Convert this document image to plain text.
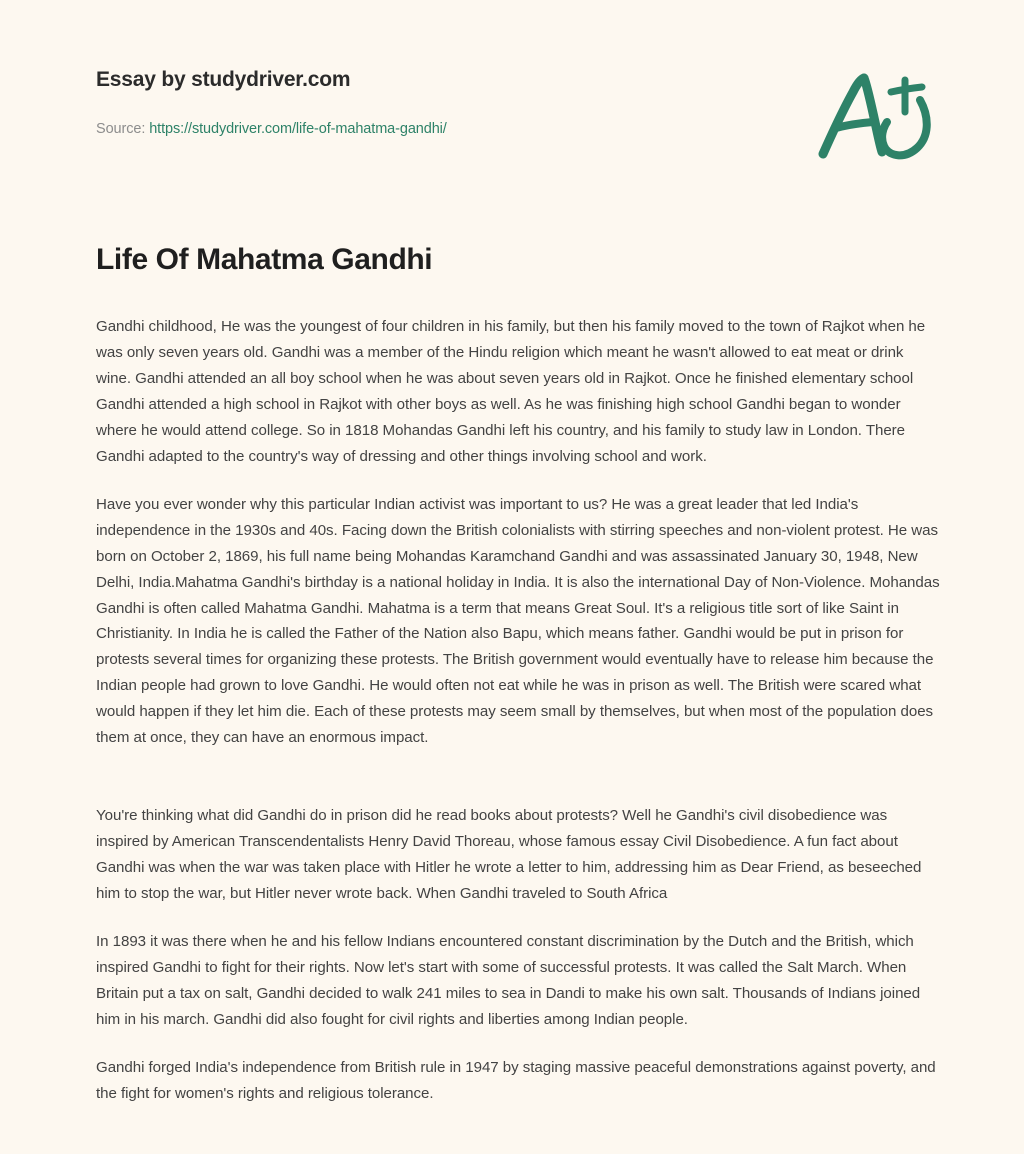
Essay by studydriver.com
Source: https://studydriver.com/life-of-mahatma-gandhi/
Life Of Mahatma Gandhi

Gandhi childhood, He was the youngest of four children in his family, but then his family moved to the town of Rajkot when he was only seven years old. Gandhi was a member of the Hindu religion which meant he wasn't allowed to eat meat or drink wine. Gandhi attended an all boy school when he was about seven years old in Rajkot. Once he finished elementary school Gandhi attended a high school in Rajkot with other boys as well. As he was finishing high school Gandhi began to wonder where he would attend college. So in 1818 Mohandas Gandhi left his country, and his family to study law in London. There Gandhi adapted to the country's way of dressing and other things involving school and work.

Have you ever wonder why this particular Indian activist was important to us? He was a great leader that led India's independence in the 1930s and 40s. Facing down the British colonialists with stirring speeches and non-violent protest. He was born on October 2, 1869, his full name being Mohandas Karamchand Gandhi and was assassinated January 30, 1948, New Delhi, India.Mahatma Gandhi's birthday is a national holiday in India. It is also the international Day of Non-Violence. Mohandas Gandhi is often called Mahatma Gandhi. Mahatma is a term that means Great Soul. It's a religious title sort of like Saint in Christianity. In India he is called the Father of the Nation also Bapu, which means father. Gandhi would be put in prison for protests several times for organizing these protests. The British government would eventually have to release him because the Indian people had grown to love Gandhi. He would often not eat while he was in prison as well. The British were scared what would happen if they let him die. Each of these protests may seem small by themselves, but when most of the population does them at once, they can have an enormous impact.

You're thinking what did Gandhi do in prison did he read books about protests? Well he Gandhi's civil disobedience was inspired by American Transcendentalists Henry David Thoreau, whose famous essay Civil Disobedience. A fun fact about Gandhi was when the war was taken place with Hitler he wrote a letter to him, addressing him as Dear Friend, as beseeched him to stop the war, but Hitler never wrote back. When Gandhi traveled to South Africa

In 1893 it was there when he and his fellow Indians encountered constant discrimination by the Dutch and the British, which inspired Gandhi to fight for their rights. Now let's start with some of successful protests. It was called the Salt March. When Britain put a tax on salt, Gandhi decided to walk 241 miles to sea in Dandi to make his own salt. Thousands of Indians joined him in his march. Gandhi did also fought for civil rights and liberties among Indian people.

Gandhi forged India's independence from British rule in 1947 by staging massive peaceful demonstrations against poverty, and the fight for women's rights and religious tolerance.
